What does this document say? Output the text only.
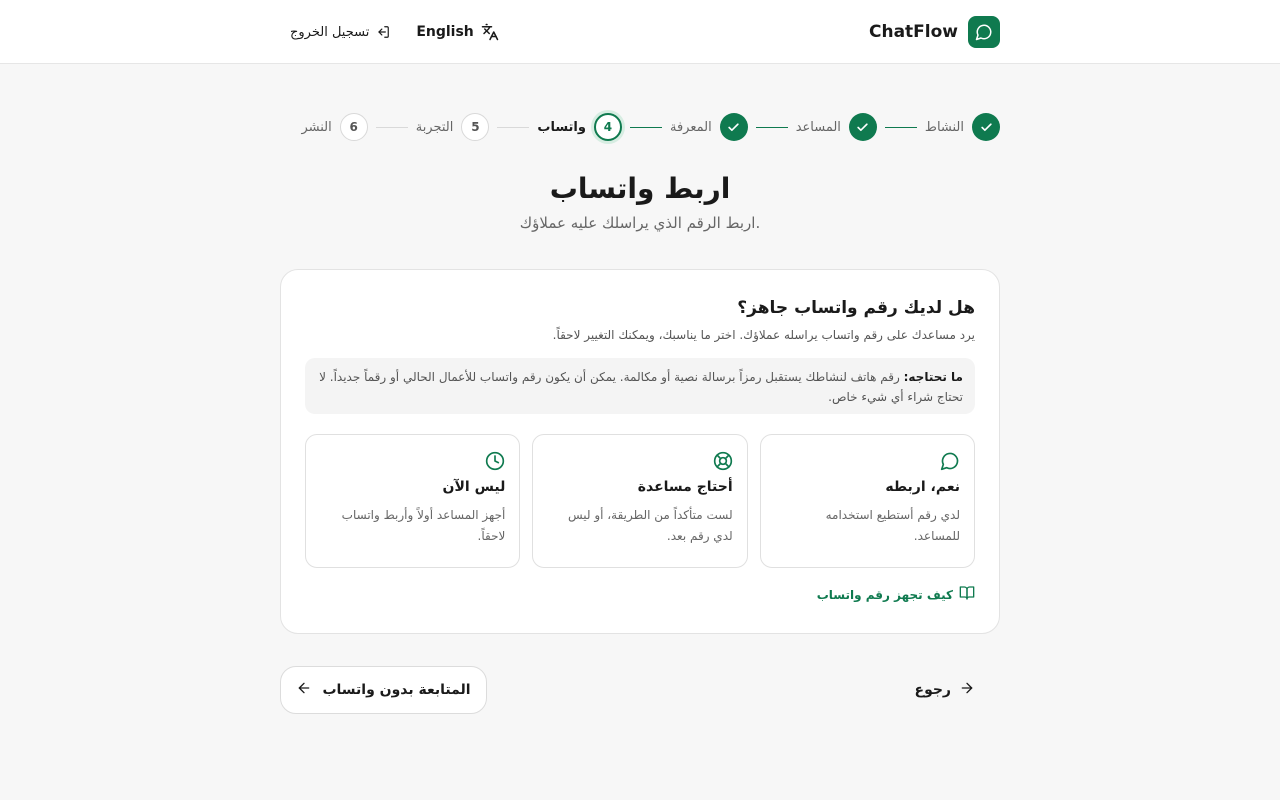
ChatFlow
تسجيل الخروج	English
النشاط
المساعد
المعرفة
4
واتساب
5
التجربة
6
النشر
اربط واتساب

اربط الرقم الذي يراسلك عليه عملاؤك.

هل لديك رقم واتساب جاهز؟
يرد مساعدك على رقم واتساب يراسله عملاؤك. اختر ما يناسبك، ويمكنك التغيير لاحقاً.
ما تحتاجه: رقم هاتف لنشاطك يستقبل رمزاً برسالة نصية أو مكالمة. يمكن أن يكون رقم واتساب للأعمال الحالي أو رقماً جديداً. لا تحتاج شراء أي شيء خاص.
نعم، اربطه
لدي رقم أستطيع استخدامه للمساعد.
أحتاج مساعدة
لست متأكداً من الطريقة، أو ليس لدي رقم بعد.
ليس الآن
أجهز المساعد أولاً وأربط واتساب لاحقاً.
كيف تجهز رقم واتساب
رجوع
المتابعة بدون واتساب
